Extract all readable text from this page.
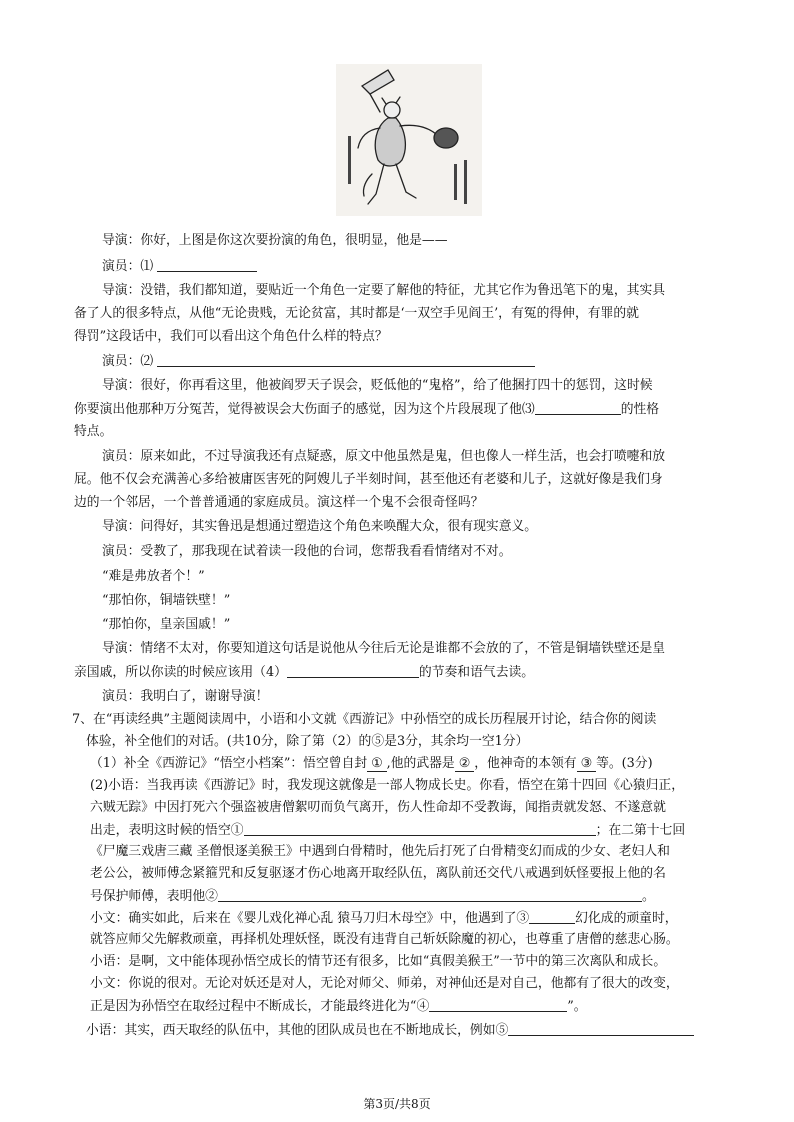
导演：你好，上图是你这次要扮演的角色，很明显，他是——
演员：⑴
导演：没错，我们都知道，要贴近一个角色一定要了解他的特征，尤其它作为鲁迅笔下的鬼，其实具
备了人的很多特点，从他“无论贵贱，无论贫富，其时都是‘一双空手见阎王’，有冤的得伸，有罪的就
得罚”这段话中，我们可以看出这个角色什么样的特点？
演员：⑵
导演：很好，你再看这里，他被阎罗天子误会，贬低他的“鬼格”，给了他捆打四十的惩罚，这时候
你要演出他那种万分冤苦，觉得被误会大伤面子的感觉，因为这个片段展现了他⑶	的性格
特点。
演员：原来如此，不过导演我还有点疑惑，原文中他虽然是鬼，但也像人一样生活，也会打喷嚏和放
屁。他不仅会充满善心多给被庸医害死的阿嫂儿子半刻时间，甚至他还有老婆和儿子，这就好像是我们身
边的一个邻居，一个普普通通的家庭成员。演这样一个鬼不会很奇怪吗？
导演：问得好，其实鲁迅是想通过塑造这个角色来唤醒大众，很有现实意义。
演员：受教了，那我现在试着读一段他的台词，您帮我看看情绪对不对。
“难是弗放者个！”
“那怕你，铜墙铁壁！”
“那怕你，皇亲国戚！”
导演：情绪不太对，你要知道这句话是说他从今往后无论是谁都不会放的了，不管是铜墙铁壁还是皇
亲国戚，所以你读的时候应该用（4）	的节奏和语气去读。
演员：我明白了，谢谢导演！
7、在“再读经典”主题阅读周中，小语和小文就《西游记》中孙悟空的成长历程展开讨论，结合你的阅读
体验，补全他们的对话。(共10分，除了第（2）的⑤是3分，其余均一空1分）
（1）补全《西游记》“悟空小档案”：悟空曾自封 ① ,他的武器是 ② ，他神奇的本领有 ③ 等。(3分)
(2)小语：当我再读《西游记》时，我发现这就像是一部人物成长史。你看，悟空在第十四回《心猿归正，
六贼无踪》中因打死六个强盗被唐僧絮叨而负气离开，伤人性命却不受教诲，闻指责就发怒、不遂意就
出走，表明这时候的悟空①	；在二第十七回
《尸魔三戏唐三藏 圣僧恨逐美猴王》中遇到白骨精时，他先后打死了白骨精变幻而成的少女、老妇人和
老公公，被师傅念紧箍咒和反复驱逐才伤心地离开取经队伍，离队前还交代八戒遇到妖怪要报上他的名
号保护师傅，表明他②	。
小文：确实如此，后来在《婴儿戏化禅心乱 猿马刀归木母空》中，他遇到了③	幻化成的顽童时，
就答应师父先解救顽童，再择机处理妖怪，既没有违背自己斩妖除魔的初心，也尊重了唐僧的慈悲心肠。
小语：是啊，文中能体现孙悟空成长的情节还有很多，比如“真假美猴王”一节中的第三次离队和成长。
小文：你说的很对。无论对妖还是对人，无论对师父、师弟，对神仙还是对自己，他都有了很大的改变，
正是因为孙悟空在取经过程中不断成长，才能最终进化为“④	”。
小语：其实，西天取经的队伍中，其他的团队成员也在不断地成长，例如⑤
第3页/共8页
